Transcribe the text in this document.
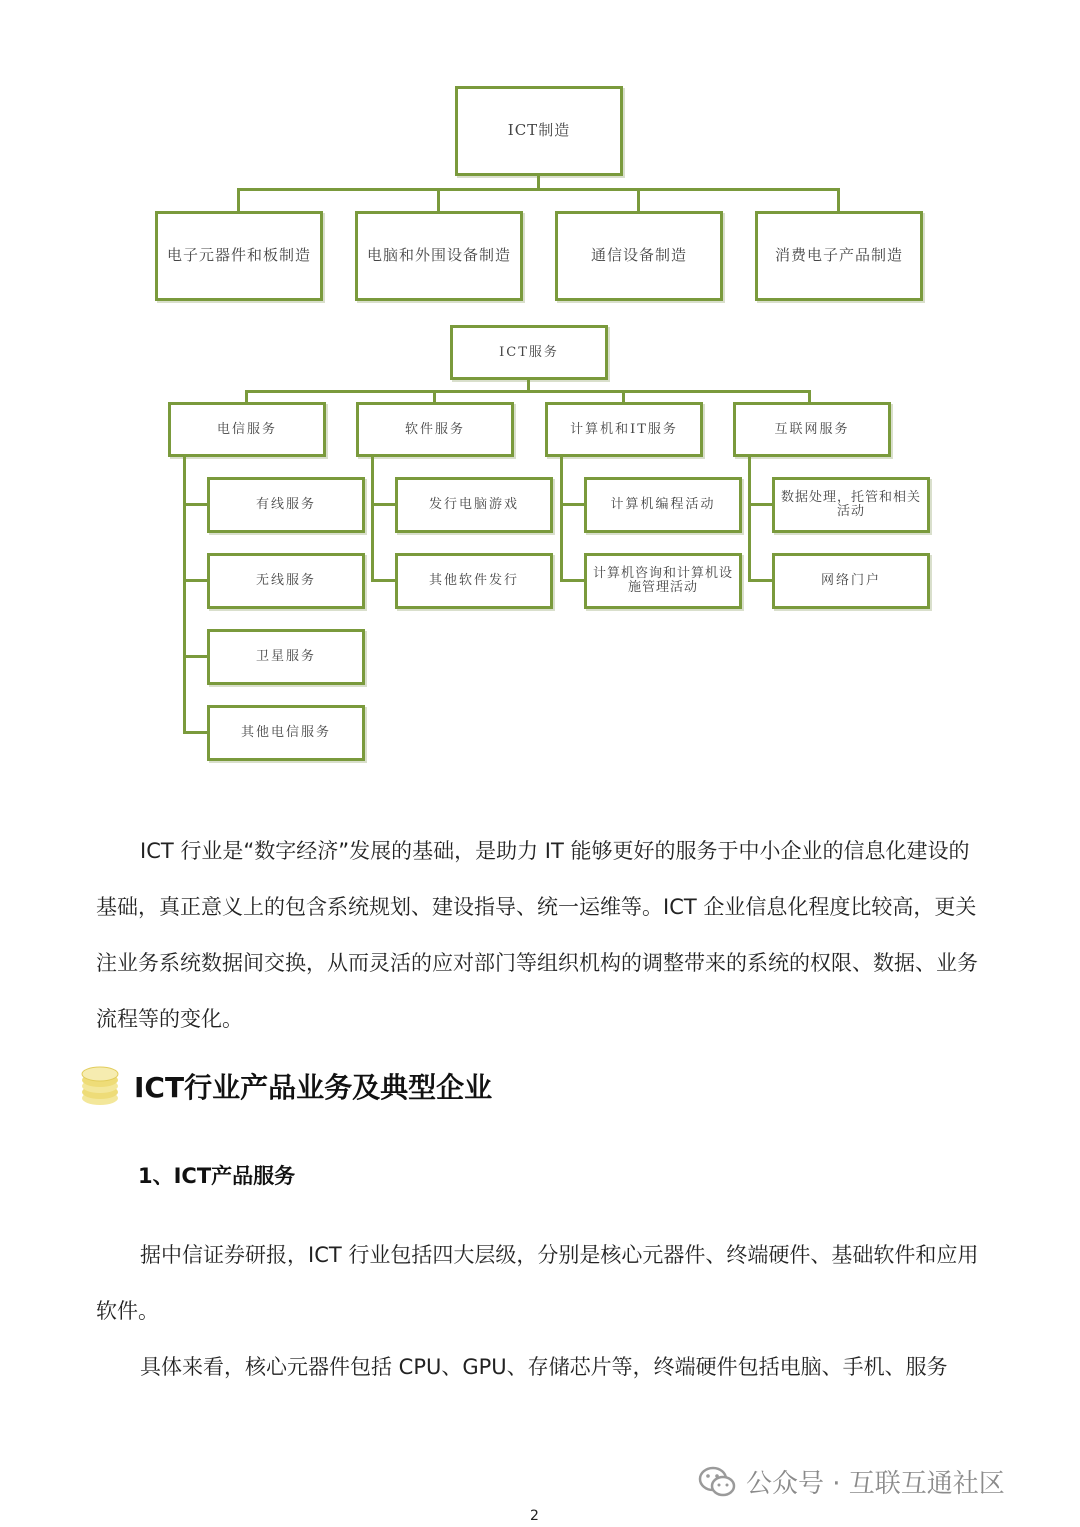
ICT制造
电子元器件和板制造	电脑和外围设备制造	通信设备制造	消费电子产品制造
ICT服务
电信服务	软件服务	计算机和IT服务	互联网服务
有线服务
无线服务
卫星服务
其他电信服务
发行电脑游戏
其他软件发行
计算机编程活动
计算机咨询和计算机设施管理活动
数据处理，托管和相关活动
网络门户

ICT 行业是“数字经济”发展的基础，是助力 IT 能够更好的服务于中小企业的信息化建设的基础，真正意义上的包含系统规划、建设指导、统一运维等。ICT 企业信息化程度比较高，更关注业务系统数据间交换，从而灵活的应对部门等组织机构的调整带来的系统的权限、数据、业务流程等的变化。

ICT行业产品业务及典型企业
1、ICT产品服务

据中信证券研报，ICT 行业包括四大层级，分别是核心元器件、终端硬件、基础软件和应用软件。

具体来看，核心元器件包括 CPU、GPU、存储芯片等，终端硬件包括电脑、手机、服务

公众号 · 互联互通社区
2
